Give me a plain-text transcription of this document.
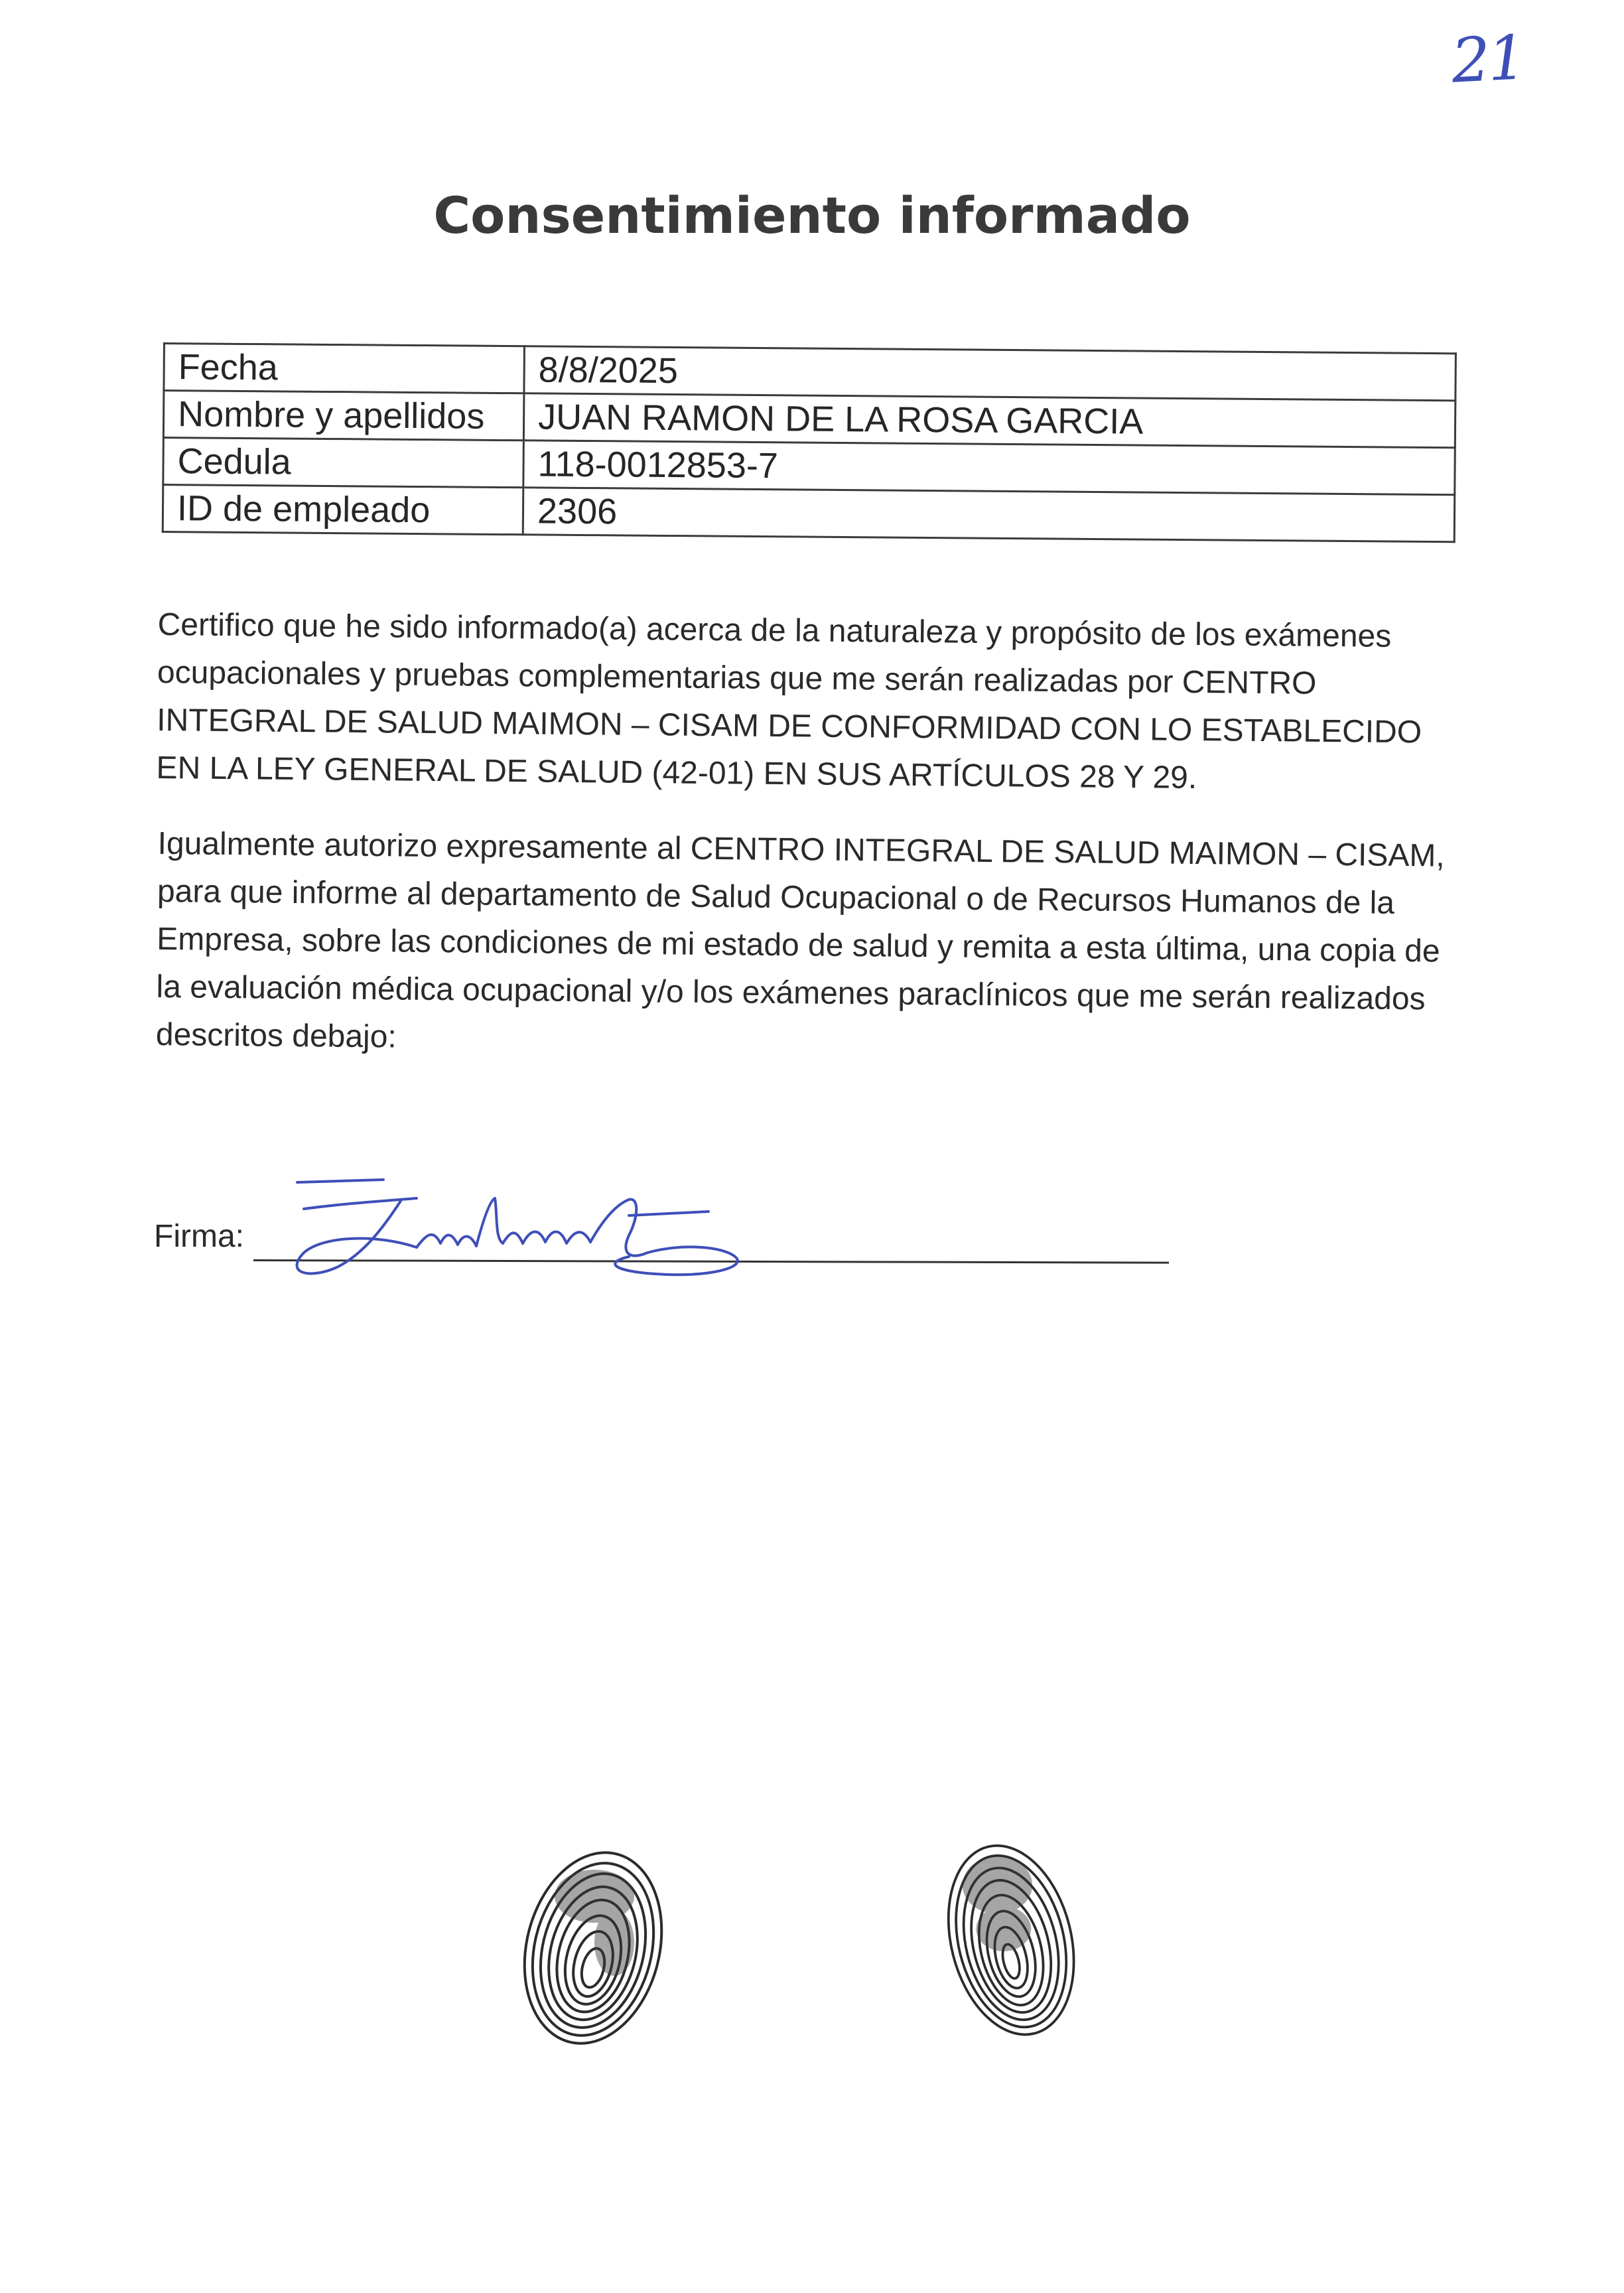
21
Consentimiento informado
Fecha	8/8/2025
Nombre y apellidos	JUAN RAMON DE LA ROSA GARCIA
Cedula	118-0012853-7
ID de empleado	2306

Certifico que he sido informado(a) acerca de la naturaleza y propósito de los exámenes ocupacionales y pruebas complementarias que me serán realizadas por CENTRO INTEGRAL DE SALUD MAIMON – CISAM DE CONFORMIDAD CON LO ESTABLECIDO EN LA LEY GENERAL DE SALUD (42-01) EN SUS ARTÍCULOS 28 Y 29.

Igualmente autorizo expresamente al CENTRO INTEGRAL DE SALUD MAIMON – CISAM, para que informe al departamento de Salud Ocupacional o de Recursos Humanos de la Empresa, sobre las condiciones de mi estado de salud y remita a esta última, una copia de la evaluación médica ocupacional y/o los exámenes paraclínicos que me serán realizados descritos debajo:

Firma:
